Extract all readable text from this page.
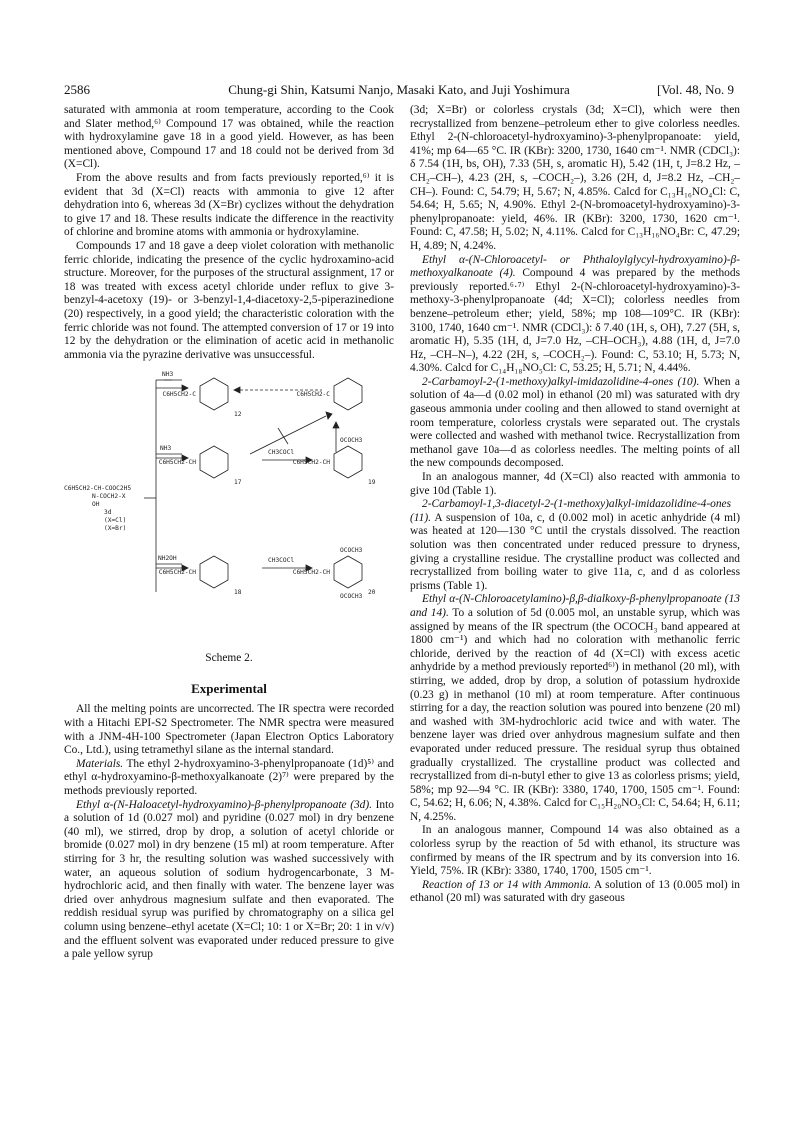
2586	Chung-gi Shin, Katsumi Nanjo, Masaki Kato, and Juji Yoshimura	[Vol. 48, No. 9

saturated with ammonia at room temperature, according to the Cook and Slater method,⁶⁾ Compound 17 was obtained, while the reaction with hydroxylamine gave 18 in a good yield. However, as has been mentioned above, Compound 17 and 18 could not be derived from 3d (X=Cl).

From the above results and from facts previously reported,⁶⁾ it is evident that 3d (X=Cl) reacts with ammonia to give 12 after dehydration into 6, whereas 3d (X=Br) cyclizes without the dehydration to give 17 and 18. These results indicate the difference in the reactivity of chlorine and bromine atoms with ammonia or hydroxylamine.

Compounds 17 and 18 gave a deep violet coloration with methanolic ferric chloride, indicating the presence of the cyclic hydroxamino-acid structure. Moreover, for the purposes of the structural assignment, 17 or 18 was treated with excess acetyl chloride under reflux to give 3-benzyl-4-acetoxy (19)- or 3-benzyl-1,4-diacetoxy-2,5-piperazinedione (20) respectively, in a good yield; the characteristic coloration with the ferric chloride was not found. The attempted conversion of 17 or 19 into 12 by the dehydration or the elimination of acetic acid in methanolic ammonia via the pyrazine derivative was unsuccessful.

NH3
NH3
NH2OH
CH3COCl
CH3COCl
C6H5CH2-CH-COOC2H5
N-COCH2-X
OH
3d
(X=Cl)
(X=Br)
C6H5CH2-C
C6H5CH2-CH
C6H5CH2-CH
C6H5CH2-C
C6H5CH2-CH
C6H5CH2-CH
OCOCH3
OCOCH3
OCOCH3
12
17
18
19
20
Scheme 2.
Experimental

All the melting points are uncorrected. The IR spectra were recorded with a Hitachi EPI-S2 Spectrometer. The NMR spectra were measured with a JNM-4H-100 Spectrometer (Japan Electron Optics Laboratory Co., Ltd.), using tetramethyl silane as the internal standard.

Materials. The ethyl 2-hydroxyamino-3-phenylpropanoate (1d)⁵⁾ and ethyl α-hydroxyamino-β-methoxyalkanoate (2)⁷⁾ were prepared by the methods previously reported.

Ethyl α-(N-Haloacetyl-hydroxyamino)-β-phenylpropanoate (3d). Into a solution of 1d (0.027 mol) and pyridine (0.027 mol) in dry benzene (40 ml), we stirred, drop by drop, a solution of acetyl chloride or bromide (0.027 mol) in dry benzene (15 ml) at room temperature. After stirring for 3 hr, the resulting solution was washed successively with water, an aqueous solution of sodium hydrogencarbonate, 3 M-hydrochloric acid, and then finally with water. The benzene layer was dried over anhydrous magnesium sulfate and then evaporated. The reddish residual syrup was purified by chromatography on a silica gel column using benzene–ethyl acetate (X=Cl; 10: 1 or X=Br; 20: 1 in v/v) and the effluent solvent was evaporated under reduced pressure to give a pale yellow syrup

(3d; X=Br) or colorless crystals (3d; X=Cl), which were then recrystallized from benzene–petroleum ether to give colorless needles. Ethyl 2-(N-chloroacetyl-hydroxyamino)-3-phenylpropanoate: yield, 41%; mp 64—65 °C. IR (KBr): 3200, 1730, 1640 cm⁻¹. NMR (CDCl₃): δ 7.54 (1H, bs, OH), 7.33 (5H, s, aromatic H), 5.42 (1H, t, J=8.2 Hz, –CH₂–CH–), 4.23 (2H, s, –COCH₂–), 3.26 (2H, d, J=8.2 Hz, –CH₂–CH–). Found: C, 54.79; H, 5.67; N, 4.85%. Calcd for C₁₃H₁₆NO₄Cl: C, 54.64; H, 5.65; N, 4.90%. Ethyl 2-(N-bromoacetyl-hydroxyamino)-3-phenylpropanoate: yield, 46%. IR (KBr): 3200, 1730, 1620 cm⁻¹. Found: C, 47.58; H, 5.02; N, 4.11%. Calcd for C₁₃H₁₆NO₄Br: C, 47.29; H, 4.89; N, 4.24%.

Ethyl α-(N-Chloroacetyl- or Phthaloylglycyl-hydroxyamino)-β-methoxyalkanoate (4). Compound 4 was prepared by the methods previously reported.⁶·⁷⁾ Ethyl 2-(N-chloroacetyl-hydroxyamino)-3-methoxy-3-phenylpropanoate (4d; X=Cl); colorless needles from benzene–petroleum ether; yield, 58%; mp 108—109°C. IR (KBr): 3100, 1740, 1640 cm⁻¹. NMR (CDCl₃): δ 7.40 (1H, s, OH), 7.27 (5H, s, aromatic H), 5.35 (1H, d, J=7.0 Hz, –CH–OCH₃), 4.88 (1H, d, J=7.0 Hz, –CH–N–), 4.22 (2H, s, –COCH₂–). Found: C, 53.10; H, 5.73; N, 4.30%. Calcd for C₁₄H₁₈NO₅Cl: C, 53.25; H, 5.71; N, 4.44%.

2-Carbamoyl-2-(1-methoxy)alkyl-imidazolidine-4-ones (10). When a solution of 4a—d (0.02 mol) in ethanol (20 ml) was saturated with dry gaseous ammonia under cooling and then allowed to stand overnight at room temperature, colorless crystals were separated out. The crystals were collected and washed with methanol twice. Recrystallization from methanol gave 10a—d as colorless needles. The melting points of all the new compounds decomposed.

In an analogous manner, 4d (X=Cl) also reacted with ammonia to give 10d (Table 1).

2-Carbamoyl-1,3-diacetyl-2-(1-methoxy)alkyl-imidazolidine-4-ones (11). A suspension of 10a, c, d (0.002 mol) in acetic anhydride (4 ml) was heated at 120—130 °C until the crystals dissolved. The reaction solution was then concentrated under reduced pressure to dryness, giving a crystalline residue. The crystalline product was collected and recrystallized from boiling water to give 11a, c, and d as colorless prisms (Table 1).

Ethyl α-(N-Chloroacetylamino)-β,β-dialkoxy-β-phenylpropanoate (13 and 14). To a solution of 5d (0.005 mol, an unstable syrup, which was assigned by means of the IR spectrum (the OCOCH₃ band appeared at 1800 cm⁻¹) and which had no coloration with methanolic ferric chloride, derived by the reaction of 4d (X=Cl) with excess acetic anhydride by a method previously reported⁶⁾) in methanol (20 ml), with stirring, we added, drop by drop, a solution of potassium hydroxide (0.23 g) in methanol (10 ml) at room temperature. After continuous stirring for a day, the reaction solution was poured into benzene (20 ml) and washed with 3M-hydrochloric acid twice and with water. The benzene layer was dried over anhydrous magnesium sulfate and then evaporated under reduced pressure. The residual syrup thus obtained gradually crystallized. The crystalline product was collected and recrystallized from di-n-butyl ether to give 13 as colorless prisms; yield, 58%; mp 92—94 °C. IR (KBr): 3380, 1740, 1700, 1505 cm⁻¹. Found: C, 54.62; H, 6.06; N, 4.38%. Calcd for C₁₅H₂₀NO₅Cl: C, 54.64; H, 6.11; N, 4.25%.

In an analogous manner, Compound 14 was also obtained as a colorless syrup by the reaction of 5d with ethanol, its structure was confirmed by means of the IR spectrum and by its conversion into 16. Yield, 75%. IR (KBr): 3380, 1740, 1700, 1505 cm⁻¹.

Reaction of 13 or 14 with Ammonia. A solution of 13 (0.005 mol) in ethanol (20 ml) was saturated with dry gaseous
